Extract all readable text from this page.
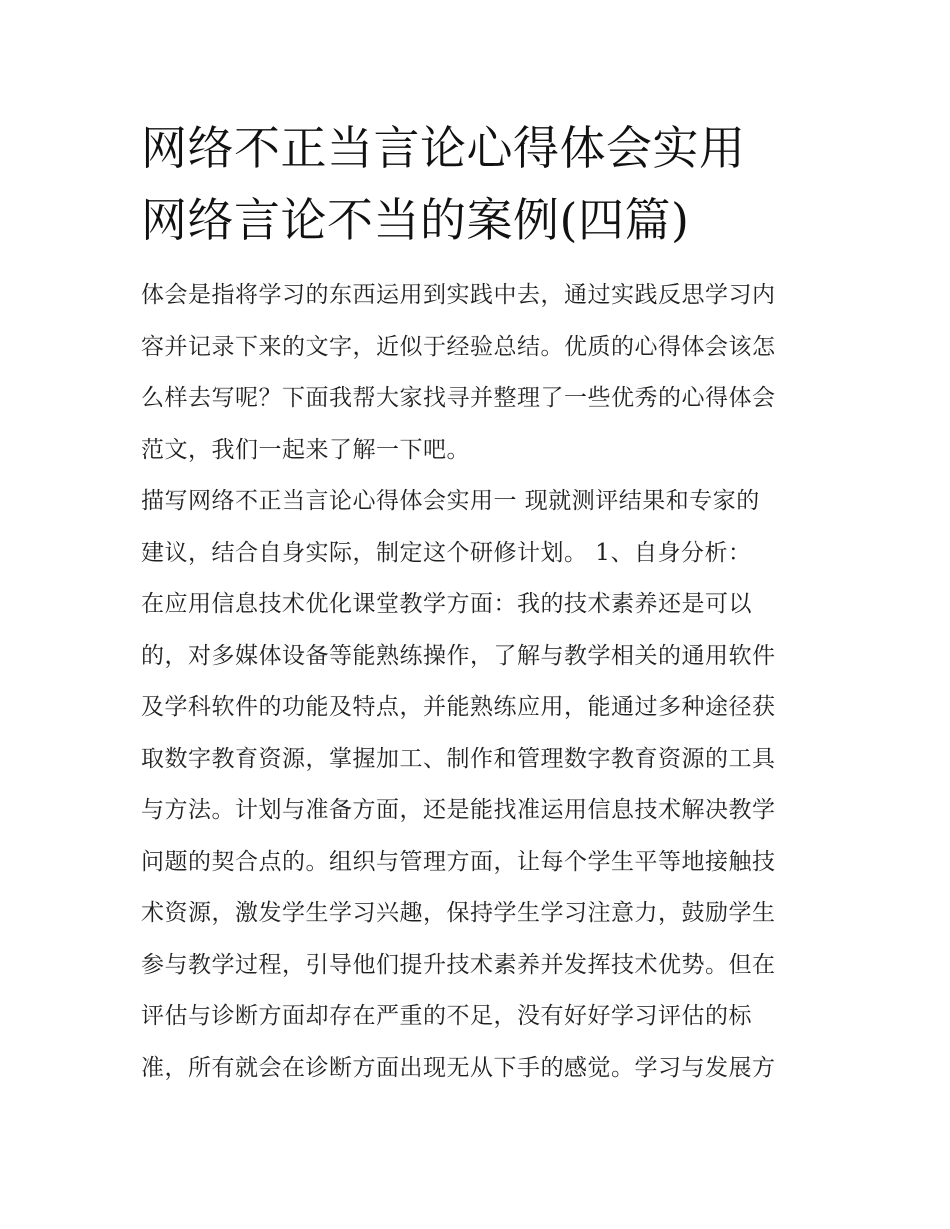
网络不正当言论心得体会实用
网络言论不当的案例(四篇)
体会是指将学习的东西运用到实践中去，通过实践反思学习内
容并记录下来的文字，近似于经验总结。优质的心得体会该怎
么样去写呢？下面我帮大家找寻并整理了一些优秀的心得体会
范文，我们一起来了解一下吧。
描写网络不正当言论心得体会实用一 现就测评结果和专家的
建议，结合自身实际，制定这个研修计划。 1、自身分析：
在应用信息技术优化课堂教学方面：我的技术素养还是可以
的，对多媒体设备等能熟练操作，了解与教学相关的通用软件
及学科软件的功能及特点，并能熟练应用，能通过多种途径获
取数字教育资源，掌握加工、制作和管理数字教育资源的工具
与方法。计划与准备方面，还是能找准运用信息技术解决教学
问题的契合点的。组织与管理方面，让每个学生平等地接触技
术资源，激发学生学习兴趣，保持学生学习注意力，鼓励学生
参与教学过程，引导他们提升技术素养并发挥技术优势。但在
评估与诊断方面却存在严重的不足，没有好好学习评估的标
准，所有就会在诊断方面出现无从下手的感觉。学习与发展方
